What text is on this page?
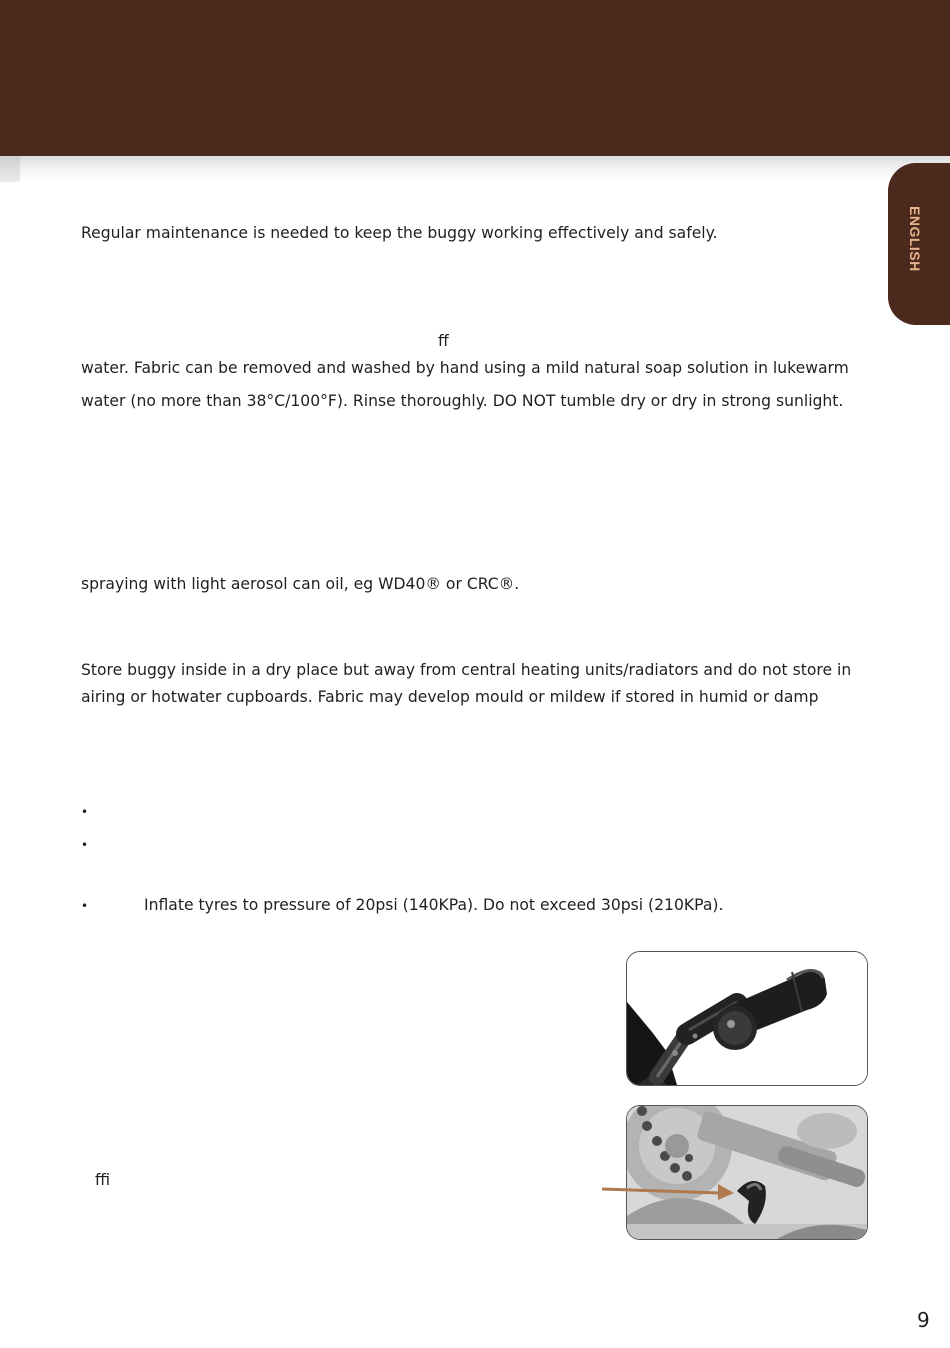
ENGLISH
Regular maintenance is needed to keep the buggy working effectively and safely.
ff
water. Fabric can be removed and washed by hand using a mild natural soap solution in lukewarm
water (no more than 38°C/100°F). Rinse thoroughly. DO NOT tumble dry or dry in strong sunlight.
spraying with light aerosol can oil, eg WD40® or CRC®.
Store buggy inside in a dry place but away from central heating units/radiators and do not store in
airing or hotwater cupboards. Fabric may develop mould or mildew if stored in humid or damp
•
•
•	Inflate tyres to pressure of 20psi (140KPa). Do not exceed 30psi (210KPa).
ffi
9
